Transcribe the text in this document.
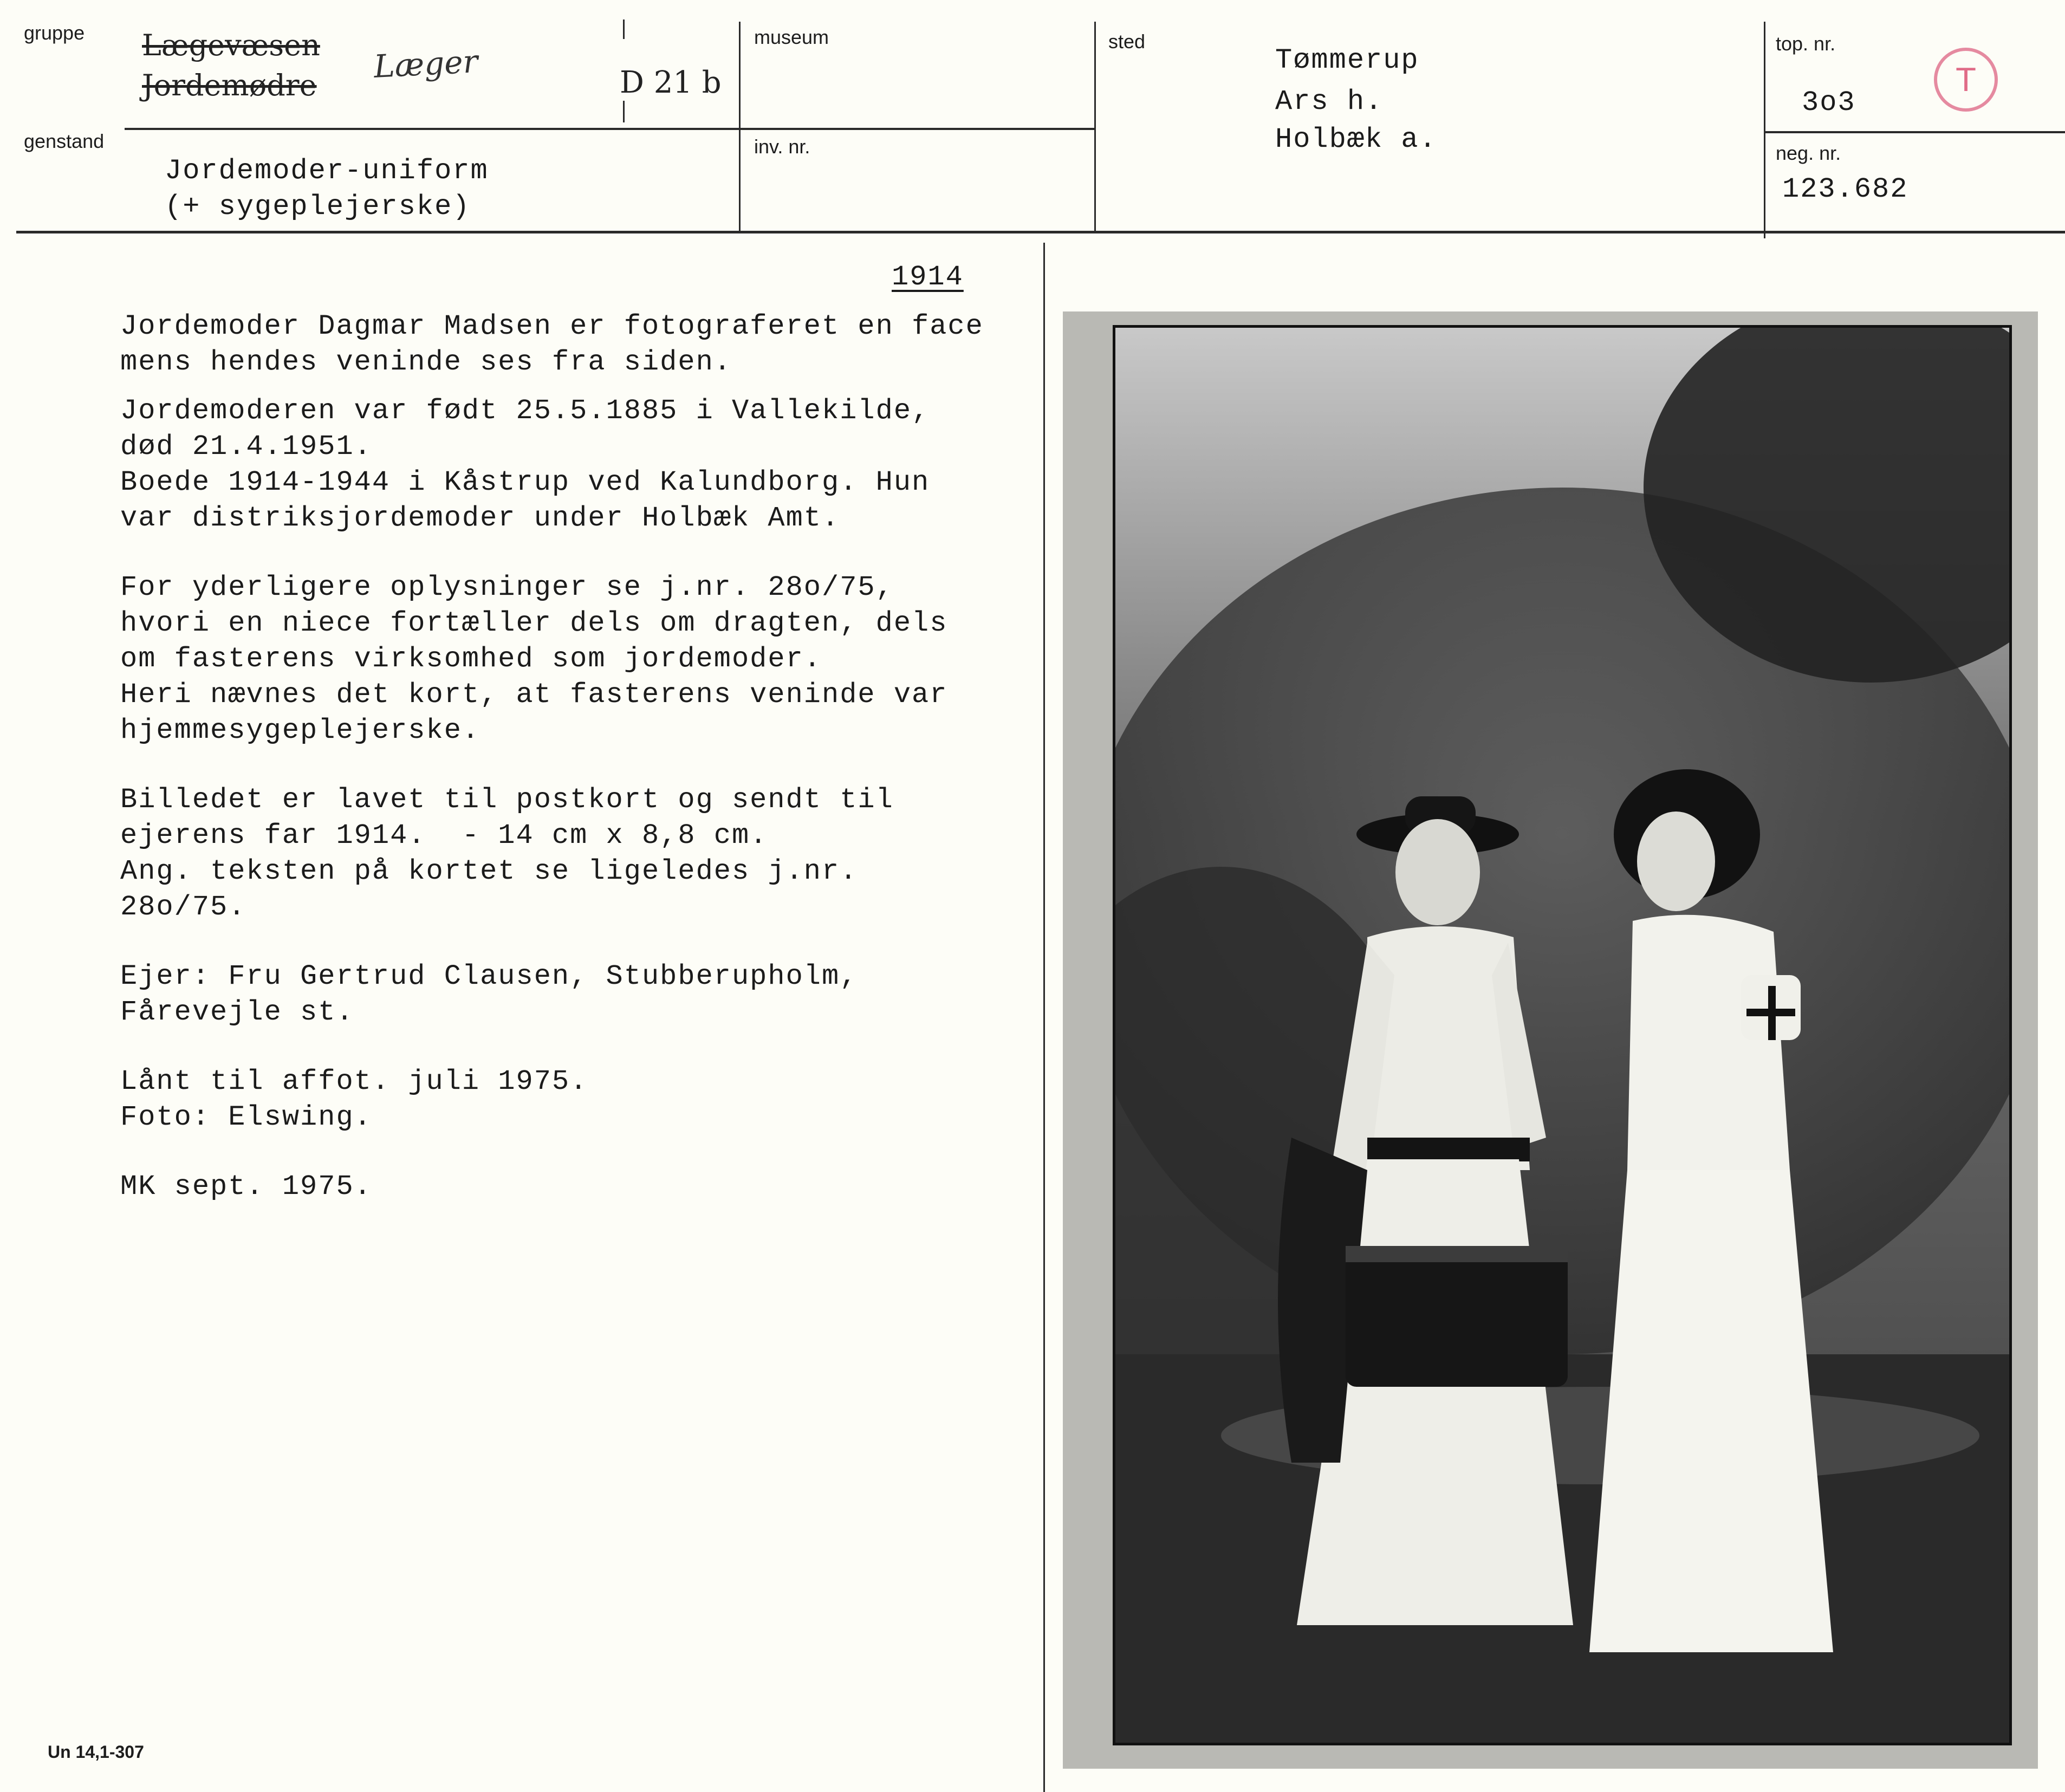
gruppe
genstand
museum
inv. nr.
sted	top. nr.
neg. nr.
Lægevæsen
Jordemødre
Læger	D 21 b
Jordemoder-uniform
(+ sygeplejerske)
Tømmerup
Ars h.
Holbæk a.
3o3
123.682
T
1914

Jordemoder Dagmar Madsen er fotograferet en face

mens hendes veninde ses fra siden.

Jordemoderen var født 25.5.1885 i Vallekilde,

død 21.4.1951.

Boede 1914-1944 i Kåstrup ved Kalundborg. Hun

var distriksjordemoder under Holbæk Amt.

For yderligere oplysninger se j.nr. 28o/75,

hvori en niece fortæller dels om dragten, dels

om fasterens virksomhed som jordemoder.

Heri nævnes det kort, at fasterens veninde var

hjemmesygeplejerske.

Billedet er lavet til postkort og sendt til

ejerens far 1914.  - 14 cm x 8,8 cm.

Ang. teksten på kortet se ligeledes j.nr.

28o/75.

Ejer: Fru Gertrud Clausen, Stubberupholm,

Fårevejle st.

Lånt til affot. juli 1975.

Foto: Elswing.

MK sept. 1975.

Un 14,1-307
